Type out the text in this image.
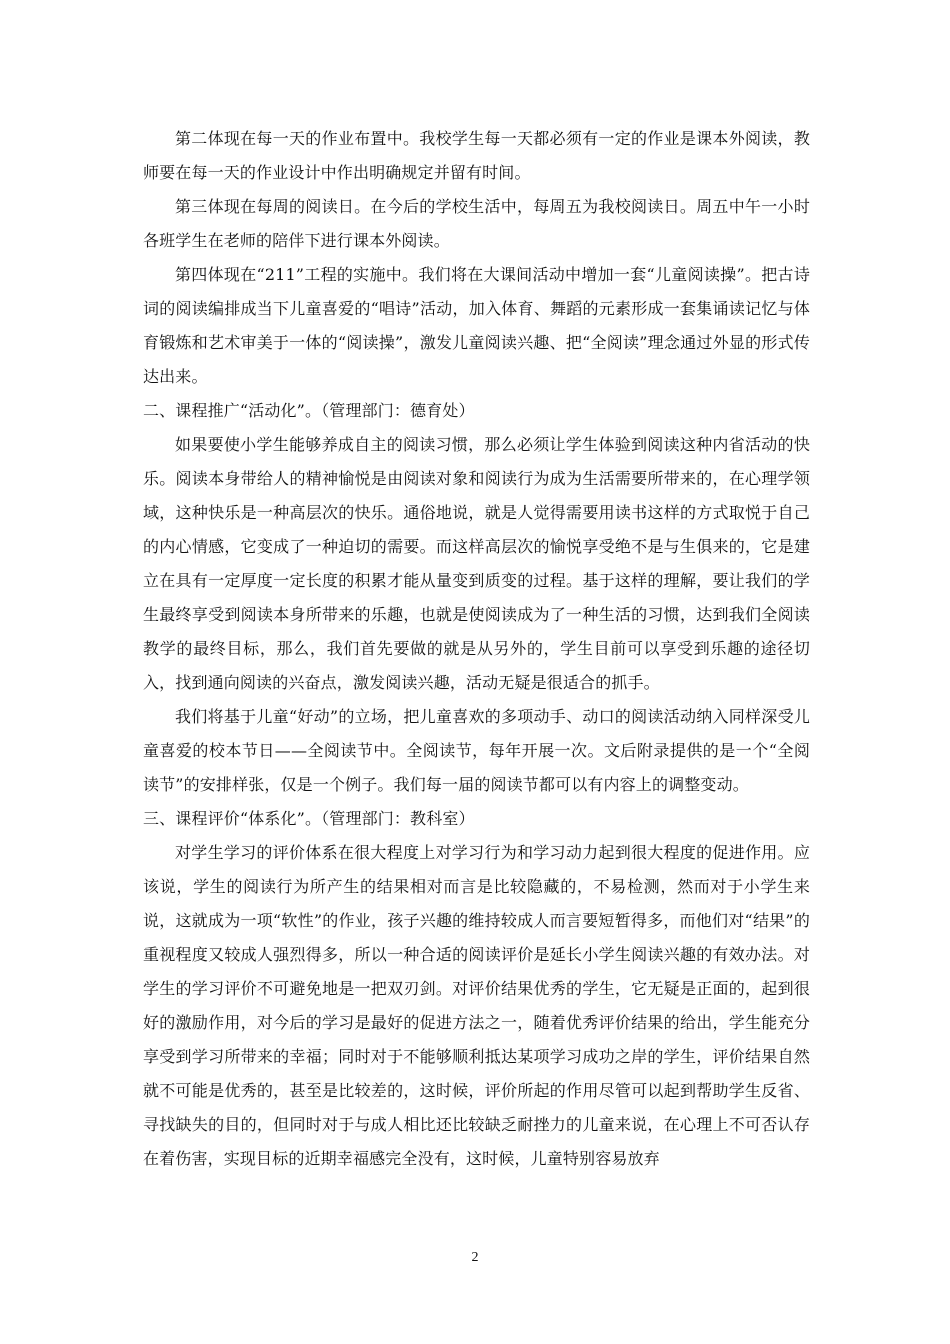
第二体现在每一天的作业布置中。我校学生每一天都必须有一定的作业是课本外阅读，教师要在每一天的作业设计中作出明确规定并留有时间。

第三体现在每周的阅读日。在今后的学校生活中，每周五为我校阅读日。周五中午一小时各班学生在老师的陪伴下进行课本外阅读。

第四体现在“211”工程的实施中。我们将在大课间活动中增加一套“儿童阅读操”。把古诗词的阅读编排成当下儿童喜爱的“唱诗”活动，加入体育、舞蹈的元素形成一套集诵读记忆与体育锻炼和艺术审美于一体的“阅读操”，激发儿童阅读兴趣、把“全阅读”理念通过外显的形式传达出来。

二、课程推广“活动化”。（管理部门：德育处）

如果要使小学生能够养成自主的阅读习惯，那么必须让学生体验到阅读这种内省活动的快乐。阅读本身带给人的精神愉悦是由阅读对象和阅读行为成为生活需要所带来的，在心理学领域，这种快乐是一种高层次的快乐。通俗地说，就是人觉得需要用读书这样的方式取悦于自己的内心情感，它变成了一种迫切的需要。而这样高层次的愉悦享受绝不是与生俱来的，它是建立在具有一定厚度一定长度的积累才能从量变到质变的过程。基于这样的理解，要让我们的学生最终享受到阅读本身所带来的乐趣，也就是使阅读成为了一种生活的习惯，达到我们全阅读教学的最终目标，那么，我们首先要做的就是从另外的，学生目前可以享受到乐趣的途径切入，找到通向阅读的兴奋点，激发阅读兴趣，活动无疑是很适合的抓手。

我们将基于儿童“好动”的立场，把儿童喜欢的多项动手、动口的阅读活动纳入同样深受儿童喜爱的校本节日——全阅读节中。全阅读节，每年开展一次。文后附录提供的是一个“全阅读节”的安排样张，仅是一个例子。我们每一届的阅读节都可以有内容上的调整变动。

三、课程评价“体系化”。（管理部门：教科室）

对学生学习的评价体系在很大程度上对学习行为和学习动力起到很大程度的促进作用。应该说，学生的阅读行为所产生的结果相对而言是比较隐藏的，不易检测，然而对于小学生来说，这就成为一项“软性”的作业，孩子兴趣的维持较成人而言要短暂得多，而他们对“结果”的重视程度又较成人强烈得多，所以一种合适的阅读评价是延长小学生阅读兴趣的有效办法。对学生的学习评价不可避免地是一把双刃剑。对评价结果优秀的学生，它无疑是正面的，起到很好的激励作用，对今后的学习是最好的促进方法之一，随着优秀评价结果的给出，学生能充分享受到学习所带来的幸福；同时对于不能够顺利抵达某项学习成功之岸的学生，评价结果自然就不可能是优秀的，甚至是比较差的，这时候，评价所起的作用尽管可以起到帮助学生反省、寻找缺失的目的，但同时对于与成人相比还比较缺乏耐挫力的儿童来说，在心理上不可否认存在着伤害，实现目标的近期幸福感完全没有，这时候，儿童特别容易放弃

2
